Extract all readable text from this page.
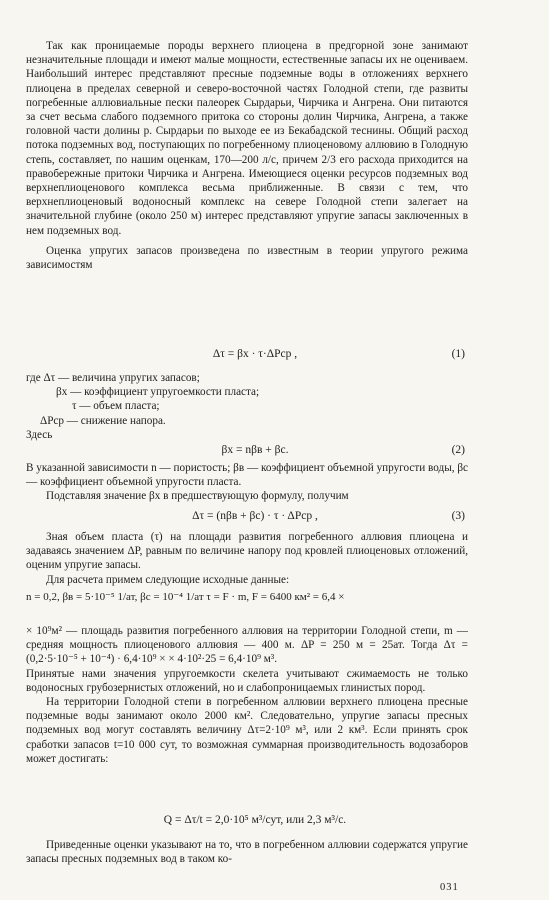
Так как проницаемые породы верхнего плиоцена в предгорной зоне занимают незначительные площади и имеют малые мощности, естественные запасы их не оцениваем. Наибольший интерес представляют пресные подземные воды в отложениях верхнего плиоцена в пределах северной и северо-восточной частях Голодной степи, где развиты погребенные аллювиальные пески палеорек Сырдарьи, Чирчика и Ангрена. Они питаются за счет весьма слабого подземного притока со стороны долин Чирчика, Ангрена, а также головной части долины р. Сырдарьи по выходе ее из Бекабадской теснины. Общий расход потока подземных вод, поступающих по погребенному плиоценовому аллювию в Голодную степь, составляет, по нашим оценкам, 170—200 л/с, причем 2/3 его расхода приходится на правобережные притоки Чирчика и Ангрена. Имеющиеся оценки ресурсов подземных вод верхнеплиоценового комплекса весьма приближенные. В связи с тем, что верхнеплиоценовый водоносный комплекс на севере Голодной степи залегает на значительной глубине (около 250 м) интерес представляют упругие запасы заключенных в нем подземных вод.

Оценка упругих запасов произведена по известным в теории упругого режима зависимостям

Δτ = βx · τ·ΔPср ,	(1)

где Δτ — величина упругих запасов;

βx — коэффициент упругоемкости пласта;

τ — объем пласта;

ΔPср — снижение напора.

Здесь

βx = nβв + βс.	(2)

В указанной зависимости n — пористость; βв — коэффициент объемной упругости воды, βс — коэффициент объемной упругости пласта.

Подставляя значение βx в предшествующую формулу, получим

Δτ = (nβв + βс) · τ · ΔPср ,	(3)

Зная объем пласта (τ) на площади развития погребенного аллювия плиоцена и задаваясь значением ΔP, равным по величине напору под кровлей плиоценовых отложений, оценим упругие запасы.

Для расчета примем следующие исходные данные:

n = 0,2, βв = 5·10⁻⁵ 1/ат, βс = 10⁻⁴ 1/ат τ = F · m, F = 6400 км² = 6,4 ×

× 10⁹м² — площадь развития погребенного аллювия на территории Голодной степи, m — средняя мощность плиоценового аллювия — 400 м. ΔP = 250 м = 25ат. Тогда Δτ = (0,2·5·10⁻⁵ + 10⁻⁴) · 6,4·10⁹ × × 4·10²·25 = 6,4·10⁹ м³.

Принятые нами значения упругоемкости скелета учитывают сжимаемость не только водоносных грубозернистых отложений, но и слабопроницаемых глинистых пород.

На территории Голодной степи в погребенном аллювии верхнего плиоцена пресные подземные воды занимают около 2000 км². Следовательно, упругие запасы пресных подземных вод могут составлять величину Δτ=2·10⁹ м³, или 2 км³. Если принять срок сработки запасов t=10 000 сут, то возможная суммарная производительность водозаборов может достигать:

Q = Δτ/t = 2,0·10⁵ м³/сут, или 2,3 м³/с.

Приведенные оценки указывают на то, что в погребенном аллювии содержатся упругие запасы пресных подземных вод в таком ко-

031
